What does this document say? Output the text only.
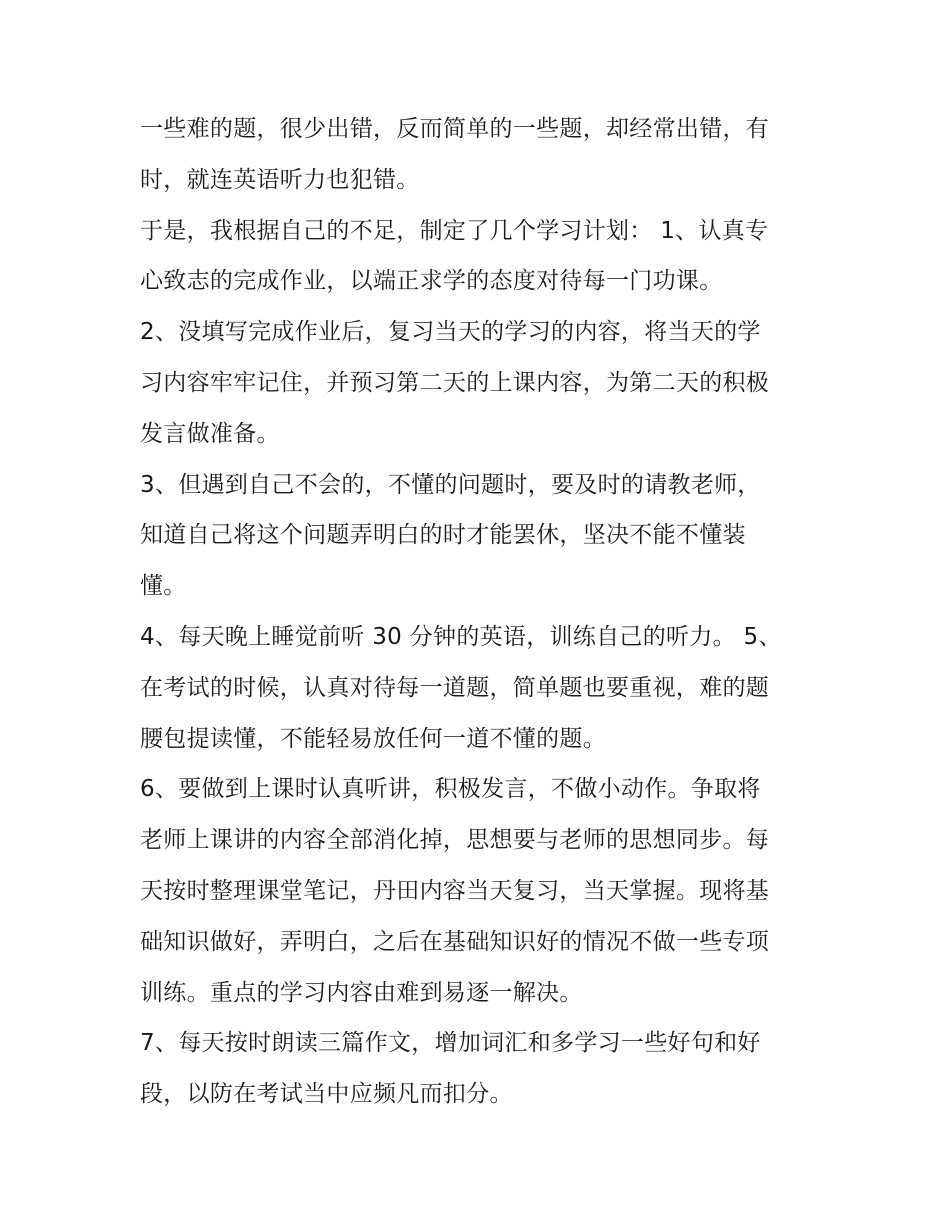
一些难的题，很少出错，反而简单的一些题，却经常出错，有
时，就连英语听力也犯错。
于是，我根据自己的不足，制定了几个学习计划： 1、认真专
心致志的完成作业，以端正求学的态度对待每一门功课。
2、没填写完成作业后，复习当天的学习的内容，将当天的学
习内容牢牢记住，并预习第二天的上课内容，为第二天的积极
发言做准备。
3、但遇到自己不会的，不懂的问题时，要及时的请教老师，
知道自己将这个问题弄明白的时才能罢休，坚决不能不懂装
懂。
4、每天晚上睡觉前听 30 分钟的英语，训练自己的听力。 5、
在考试的时候，认真对待每一道题，简单题也要重视，难的题
腰包提读懂，不能轻易放任何一道不懂的题。
6、要做到上课时认真听讲，积极发言，不做小动作。争取将
老师上课讲的内容全部消化掉，思想要与老师的思想同步。每
天按时整理课堂笔记，丹田内容当天复习，当天掌握。现将基
础知识做好，弄明白，之后在基础知识好的情况不做一些专项
训练。重点的学习内容由难到易逐一解决。
7、每天按时朗读三篇作文，增加词汇和多学习一些好句和好
段，以防在考试当中应频凡而扣分。
